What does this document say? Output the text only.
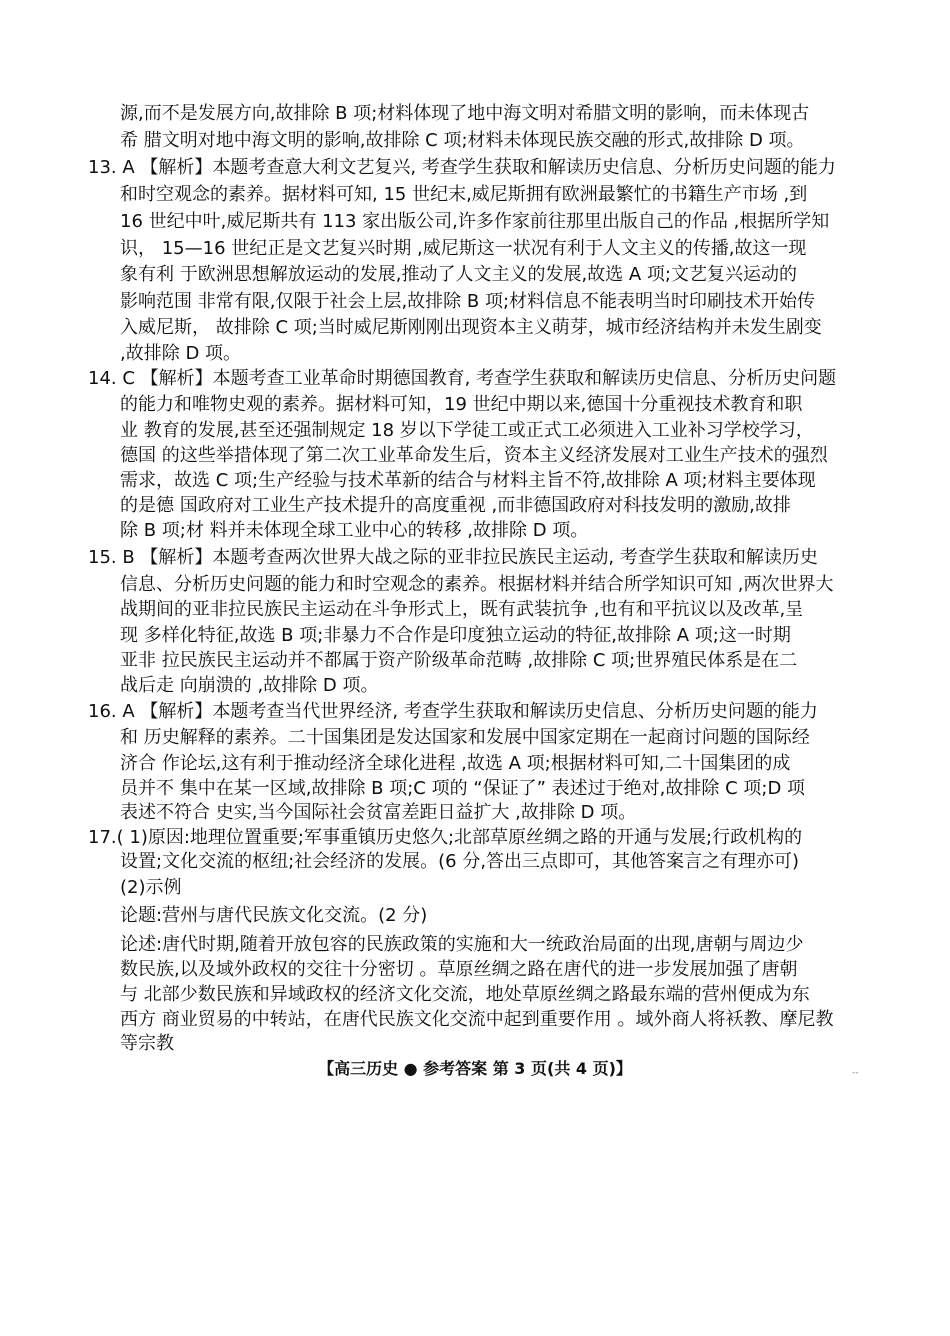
源,而不是发展方向,故排除 B 项;材料体现了地中海文明对希腊文明的影响，而未体现古
希 腊文明对地中海文明的影响,故排除 C 项;材料未体现民族交融的形式,故排除 D 项。
13. A 【解析】本题考查意大利文艺复兴, 考查学生获取和解读历史信息、分析历史问题的能力
和时空观念的素养。据材料可知, 15 世纪末,威尼斯拥有欧洲最繁忙的书籍生产市场 ,到
16 世纪中叶,威尼斯共有 113 家出版公司,许多作家前往那里出版自己的作品 ,根据所学知
识， 15—16 世纪正是文艺复兴时期 ,威尼斯这一状况有利于人文主义的传播,故这一现
象有利 于欧洲思想解放运动的发展,推动了人文主义的发展,故选 A 项;文艺复兴运动的
影响范围 非常有限,仅限于社会上层,故排除 B 项;材料信息不能表明当时印刷技术开始传
入威尼斯， 故排除 C 项;当时威尼斯刚刚出现资本主义萌芽，城市经济结构并未发生剧变
,故排除 D 项。
14. C 【解析】本题考查工业革命时期德国教育, 考查学生获取和解读历史信息、分析历史问题
的能力和唯物史观的素养。据材料可知，19 世纪中期以来,德国十分重视技术教育和职
业 教育的发展,甚至还强制规定 18 岁以下学徒工或正式工必须进入工业补习学校学习，
德国 的这些举措体现了第二次工业革命发生后，资本主义经济发展对工业生产技术的强烈
需求，故选 C 项;生产经验与技术革新的结合与材料主旨不符,故排除 A 项;材料主要体现
的是德 国政府对工业生产技术提升的高度重视 ,而非德国政府对科技发明的激励,故排
除 B 项;材 料并未体现全球工业中心的转移 ,故排除 D 项。
15. B 【解析】本题考查两次世界大战之际的亚非拉民族民主运动, 考查学生获取和解读历史
信息、分析历史问题的能力和时空观念的素养。根据材料并结合所学知识可知 ,两次世界大
战期间的亚非拉民族民主运动在斗争形式上，既有武装抗争 ,也有和平抗议以及改革,呈
现 多样化特征,故选 B 项;非暴力不合作是印度独立运动的特征,故排除 A 项;这一时期
亚非 拉民族民主运动并不都属于资产阶级革命范畴 ,故排除 C 项;世界殖民体系是在二
战后走 向崩溃的 ,故排除 D 项。
16. A 【解析】本题考查当代世界经济, 考查学生获取和解读历史信息、分析历史问题的能力
和 历史解释的素养。二十国集团是发达国家和发展中国家定期在一起商讨问题的国际经
济合 作论坛,这有利于推动经济全球化进程 ,故选 A 项;根据材料可知,二十国集团的成
员并不 集中在某一区域,故排除 B 项;C 项的 “保证了” 表述过于绝对,故排除 C 项;D 项
表述不符合 史实,当今国际社会贫富差距日益扩大 ,故排除 D 项。
17.( 1)原因:地理位置重要;军事重镇历史悠久;北部草原丝绸之路的开通与发展;行政机构的
设置;文化交流的枢纽;社会经济的发展。(6 分,答出三点即可，其他答案言之有理亦可)
(2)示例
论题:营州与唐代民族文化交流。(2 分)
论述:唐代时期,随着开放包容的民族政策的实施和大一统政治局面的出现,唐朝与周边少
数民族,以及域外政权的交往十分密切 。草原丝绸之路在唐代的进一步发展加强了唐朝
与 北部少数民族和异域政权的经济文化交流，地处草原丝绸之路最东端的营州便成为东
西方 商业贸易的中转站，在唐代民族文化交流中起到重要作用 。域外商人将袄教、摩尼教
等宗教
【高三历史 ● 参考答案 第 3 页(共 4 页)】	--
